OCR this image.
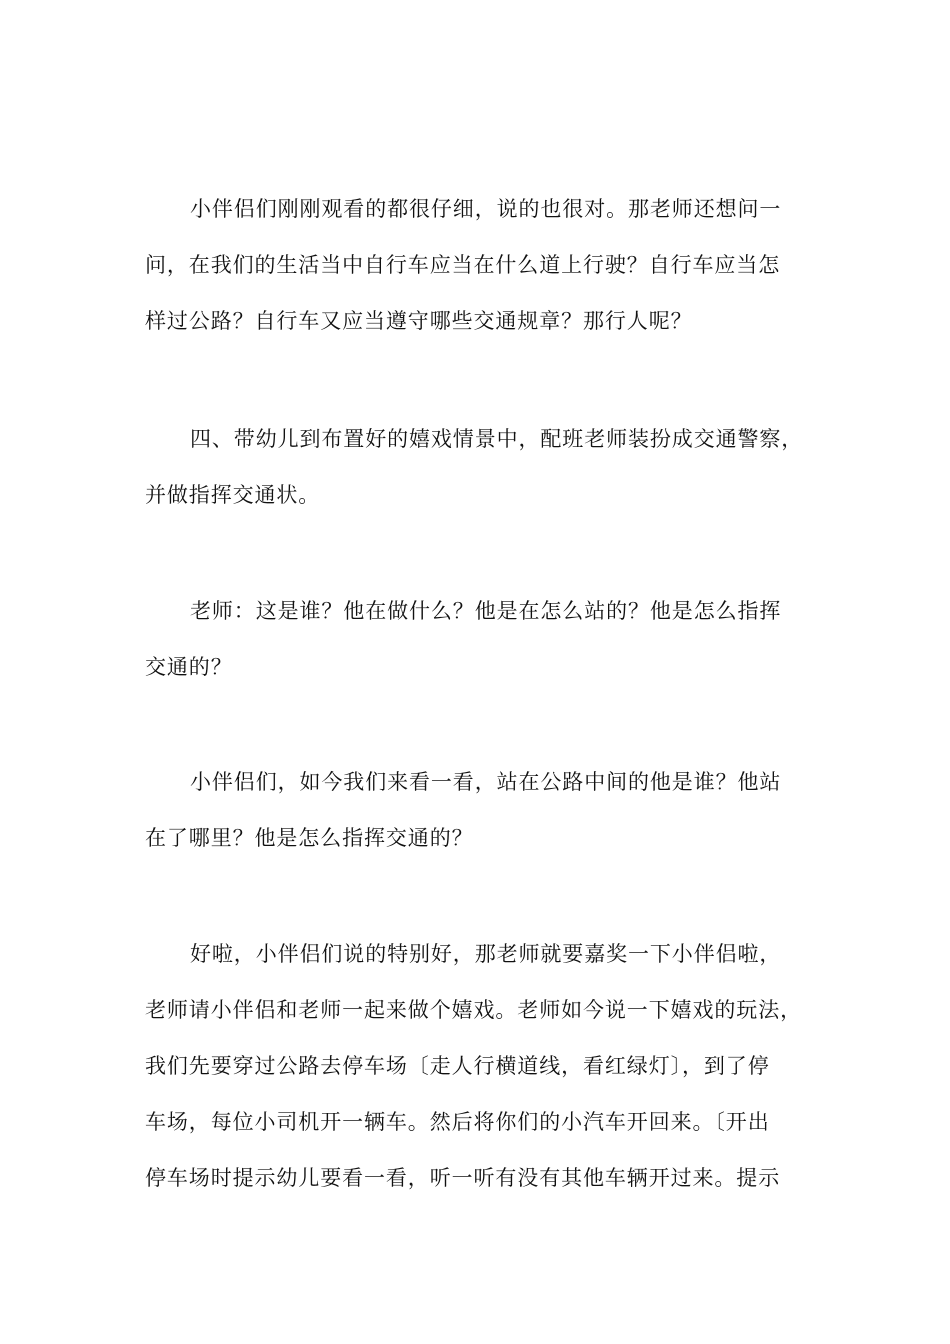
小伴侣们刚刚观看的都很仔细，说的也很对。那老师还想问一
问，在我们的生活当中自行车应当在什么道上行驶？自行车应当怎
样过公路？自行车又应当遵守哪些交通规章？那行人呢？
四、带幼儿到布置好的嬉戏情景中，配班老师装扮成交通警察，
并做指挥交通状。
老师：这是谁？他在做什么？他是在怎么站的？他是怎么指挥
交通的？
小伴侣们，如今我们来看一看，站在公路中间的他是谁？他站
在了哪里？他是怎么指挥交通的？
好啦，小伴侣们说的特别好，那老师就要嘉奖一下小伴侣啦，
老师请小伴侣和老师一起来做个嬉戏。老师如今说一下嬉戏的玩法，
我们先要穿过公路去停车场〔走人行横道线，看红绿灯〕，到了停
车场，每位小司机开一辆车。然后将你们的小汽车开回来。〔开出
停车场时提示幼儿要看一看，听一听有没有其他车辆开过来。提示
